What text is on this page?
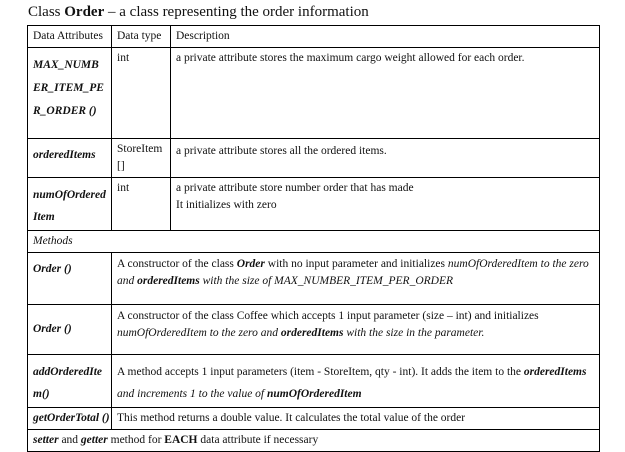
Class Order – a class representing the order information
Data Attributes	Data type	Description
MAX_NUMBER_ITEM_PER_ORDER ()	int	a private attribute stores the maximum cargo weight allowed for each order.
orderedItems	StoreItem []	a private attribute stores all the ordered items.
numOfOrderedItem	int	a private attribute store number order that has made
It initializes with zero

Methods		
Order ()	A constructor of the class Order with no input parameter and initializes numOfOrderedItem to the zero and orderedItems with the size of MAX_NUMBER_ITEM_PER_ORDER	
Order ()	A constructor of the class Coffee which accepts 1 input parameter (size – int) and initializes numOfOrderedItem to the zero and orderedItems with the size in the parameter.	
addOrderedItem()	A method accepts 1 input parameters (item - StoreItem, qty - int). It adds the item to the orderedItems and increments 1 to the value of numOfOrderedItem	
getOrderTotal ()	This method returns a double value. It calculates the total value of the order	
setter and getter method for EACH data attribute if necessary		
